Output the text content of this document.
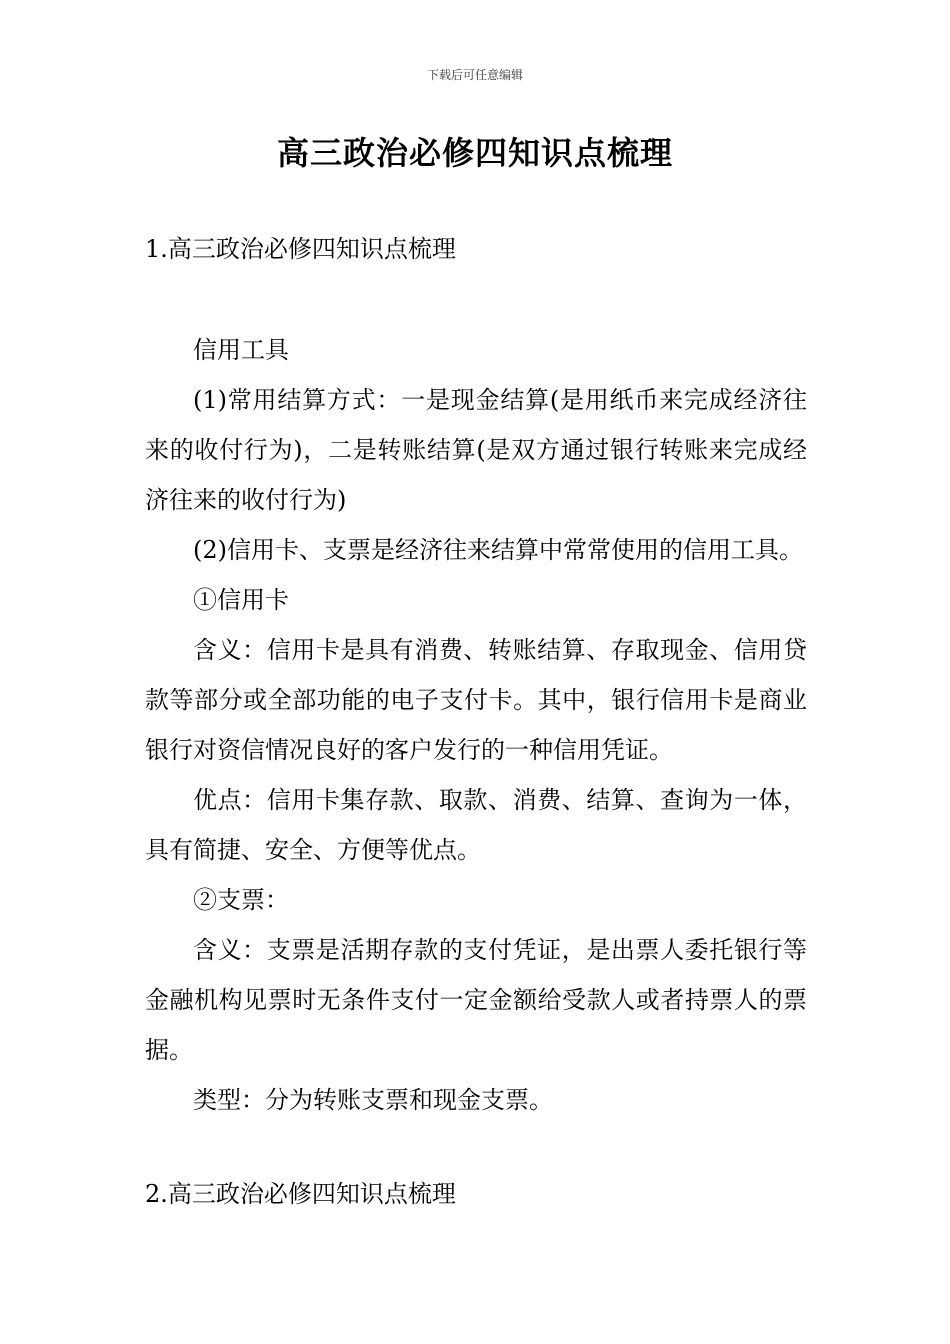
下载后可任意编辑
高三政治必修四知识点梳理
1.高三政治必修四知识点梳理

信用工具

(1)常用结算方式：一是现金结算(是用纸币来完成经济往来的收付行为)，二是转账结算(是双方通过银行转账来完成经济往来的收付行为)

(2)信用卡、支票是经济往来结算中常常使用的信用工具。

①信用卡

含义：信用卡是具有消费、转账结算、存取现金、信用贷款等部分或全部功能的电子支付卡。其中，银行信用卡是商业银行对资信情况良好的客户发行的一种信用凭证。

优点：信用卡集存款、取款、消费、结算、查询为一体，具有简捷、安全、方便等优点。

②支票：

含义：支票是活期存款的支付凭证，是出票人委托银行等金融机构见票时无条件支付一定金额给受款人或者持票人的票据。

类型：分为转账支票和现金支票。

2.高三政治必修四知识点梳理
